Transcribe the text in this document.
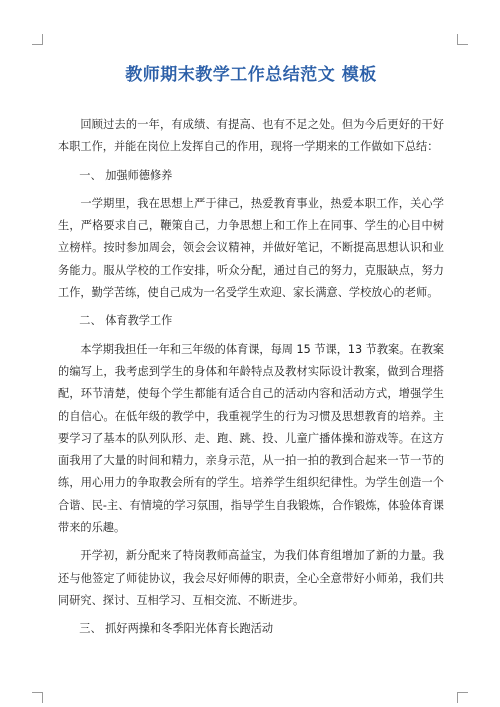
教师期末教学工作总结范文 模板

回顾过去的一年，有成绩、有提高、也有不足之处。但为今后更好的干好本职工作，并能在岗位上发挥自己的作用，现将一学期来的工作做如下总结：

一、 加强师德修养

一学期里，我在思想上严于律己，热爱教育事业，热爱本职工作，关心学生，严格要求自己，鞭策自己，力争思想上和工作上在同事、学生的心目中树立榜样。按时参加周会，领会会议精神，并做好笔记，不断提高思想认识和业务能力。服从学校的工作安排，听众分配，通过自己的努力，克服缺点，努力工作，勤学苦练，使自己成为一名受学生欢迎、家长满意、学校放心的老师。

二、 体育教学工作

本学期我担任一年和三年级的体育课，每周 15 节课，13 节教案。在教案的编写上，我考虑到学生的身体和年龄特点及教材实际设计教案，做到合理搭配，环节清楚，使每个学生都能有适合自己的活动内容和活动方式，增强学生的自信心。在低年级的教学中，我重视学生的行为习惯及思想教育的培养。主要学习了基本的队列队形、走、跑、跳、投、儿童广播体操和游戏等。在这方面我用了大量的时间和精力，亲身示范，从一拍一拍的教到合起来一节一节的练，用心用力的争取教会所有的学生。培养学生组织纪律性。为学生创造一个合谐、民-主、有情境的学习氛围，指导学生自我锻炼，合作锻炼，体验体育课带来的乐趣。

开学初，新分配来了特岗教师高益宝，为我们体育组增加了新的力量。我还与他签定了师徒协议，我会尽好师傅的职责，全心全意带好小师弟，我们共同研究、探讨、互相学习、互相交流、不断进步。

三、 抓好两操和冬季阳光体育长跑活动
